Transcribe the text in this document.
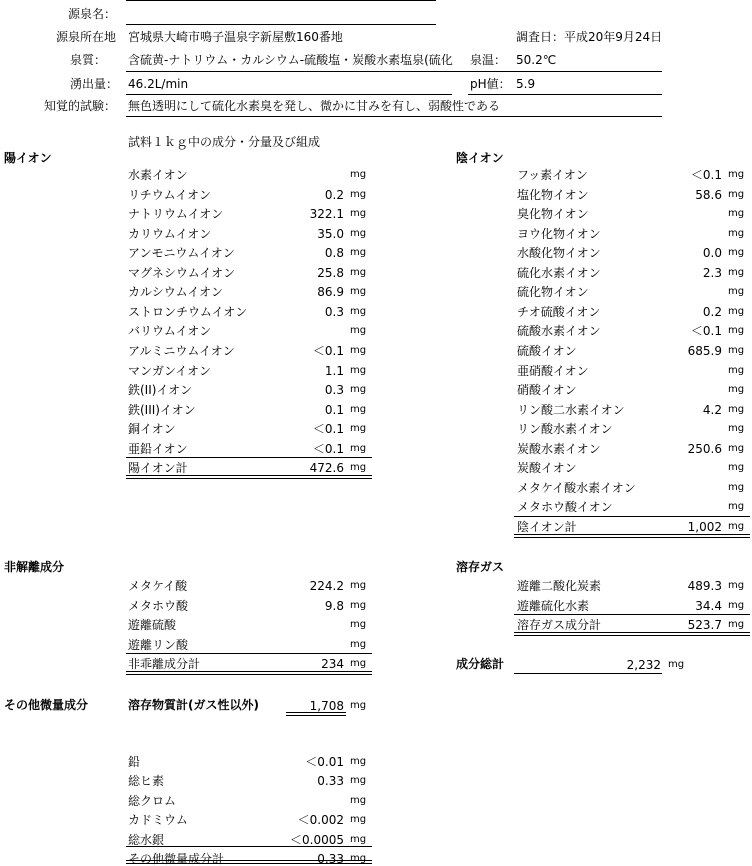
源泉名：
源泉所在地 宮城県大崎市鳴子温泉字新屋敷160番地	調査日：平成20年9月24日
泉質： 含硫黄-ナトリウム・カルシウム-硫酸塩・炭酸水素塩泉(硫化 泉温： 50.2℃
湧出量： 46.2L/min	pH値： 5.9
知覚的試験： 無色透明にして硫化水素臭を発し、微かに甘みを有し、弱酸性である
試料１ｋｇ中の成分・分量及び組成
陽イオン	陰イオン
非解離成分	溶存ガス
その他微量成分
水素イオン	mg
リチウムイオン	0.2 mg
ナトリウムイオン	322.1 mg
カリウムイオン	35.0 mg
アンモニウムイオン	0.8 mg
マグネシウムイオン	25.8 mg
カルシウムイオン	86.9 mg
ストロンチウムイオン	0.3 mg
バリウムイオン	mg
アルミニウムイオン	＜0.1 mg
マンガンイオン	1.1 mg
鉄(II)イオン	0.3 mg
鉄(III)イオン	0.1 mg
銅イオン	＜0.1 mg
亜鉛イオン	＜0.1 mg
陽イオン計	472.6 mg
フッ素イオン	＜0.1 mg
塩化物イオン	58.6 mg
臭化物イオン	mg
ヨウ化物イオン	mg
水酸化物イオン	0.0 mg
硫化水素イオン	2.3 mg
硫化物イオン	mg
チオ硫酸イオン	0.2 mg
硫酸水素イオン	＜0.1 mg
硫酸イオン	685.9 mg
亜硝酸イオン	mg
硝酸イオン	mg
リン酸二水素イオン	4.2 mg
リン酸水素イオン	mg
炭酸水素イオン	250.6 mg
炭酸イオン	mg
メタケイ酸水素イオン	mg
メタホウ酸イオン	mg
陰イオン計	1,002 mg
メタケイ酸	224.2 mg
メタホウ酸	9.8 mg
遊離硫酸	mg
遊離リン酸	mg
非乖離成分計	234 mg
遊離二酸化炭素	489.3 mg
遊離硫化水素	34.4 mg
溶存ガス成分計	523.7 mg
成分総計	2,232 mg
溶存物質計(ガス性以外)	1,708 mg
鉛	＜0.01 mg
総ヒ素	0.33 mg
総クロム	mg
カドミウム	＜0.002 mg
総水銀	＜0.0005 mg
その他微量成分計	0.33 mg
